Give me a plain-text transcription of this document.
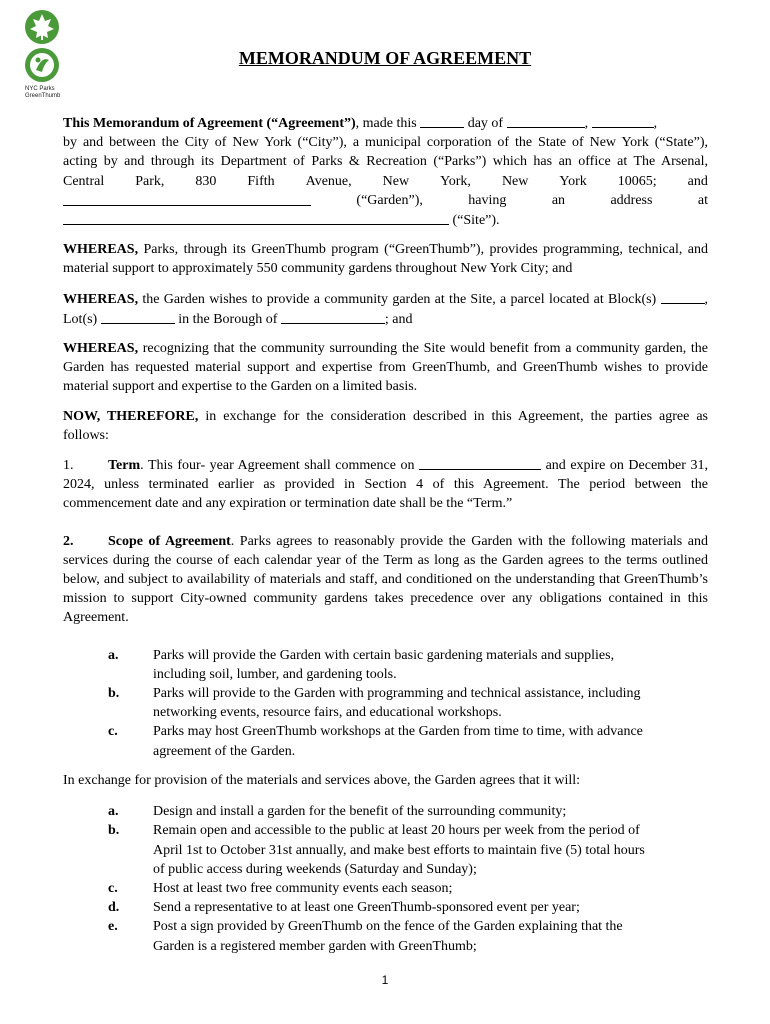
NYC Parks
GreenThumb
MEMORANDUM OF AGREEMENT
This Memorandum of Agreement (“Agreement”), made this	day of	,	,
by and between the City of New York (“City”), a municipal corporation of the State of New York (“State”),
acting by and through its Department of Parks & Recreation (“Parks”) which has an office at The Arsenal,
Central Park, 830 Fifth Avenue, New York, New York 10065; and
(“Garden”),	having	an	address	at
(“Site”).

WHEREAS, Parks, through its GreenThumb program (“GreenThumb”), provides programming, technical, and material support to approximately 550 community gardens throughout New York City; and

WHEREAS, the Garden wishes to provide a community garden at the Site, a parcel located at Block(s)	, Lot(s)	in the Borough of	; and

WHEREAS, recognizing that the community surrounding the Site would benefit from a community garden, the Garden has requested material support and expertise from GreenThumb, and GreenThumb wishes to provide material support and expertise to the Garden on a limited basis.

NOW, THEREFORE, in exchange for the consideration described in this Agreement, the parties agree as follows:

1. Term. This four- year Agreement shall commence on	and expire on December 31, 2024, unless terminated earlier as provided in Section 4 of this Agreement. The period between the commencement date and any expiration or termination date shall be the “Term.”

2. Scope of Agreement. Parks agrees to reasonably provide the Garden with the following materials and services during the course of each calendar year of the Term as long as the Garden agrees to the terms outlined below, and subject to availability of materials and staff, and conditioned on the understanding that GreenThumb’s mission to support City-owned community gardens takes precedence over any obligations contained in this Agreement.

a.	Parks will provide the Garden with certain basic gardening materials and supplies, including soil, lumber, and gardening tools.
b.	Parks will provide to the Garden with programming and technical assistance, including networking events, resource fairs, and educational workshops.
c.	Parks may host GreenThumb workshops at the Garden from time to time, with advance agreement of the Garden.

In exchange for provision of the materials and services above, the Garden agrees that it will:

a.	Design and install a garden for the benefit of the surrounding community;
b.	Remain open and accessible to the public at least 20 hours per week from the period of April 1st to October 31st annually, and make best efforts to maintain five (5) total hours of public access during weekends (Saturday and Sunday);
c.	Host at least two free community events each season;
d.	Send a representative to at least one GreenThumb-sponsored event per year;
e.	Post a sign provided by GreenThumb on the fence of the Garden explaining that the Garden is a registered member garden with GreenThumb;
1
